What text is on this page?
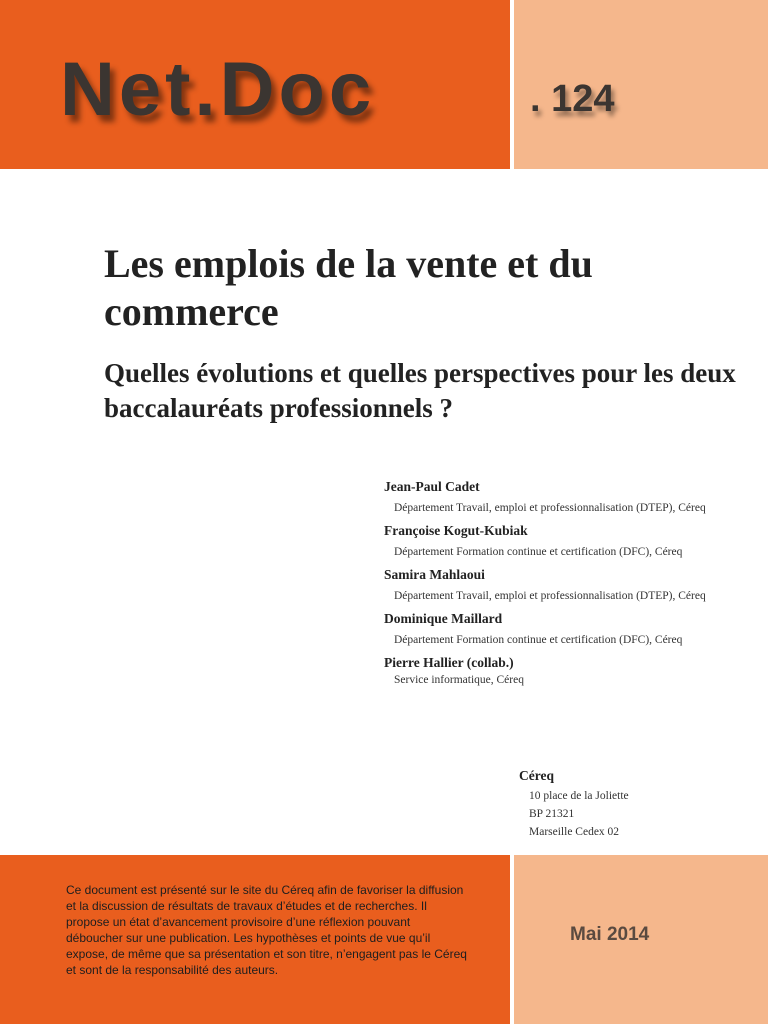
Net.Doc	. 124
Les emplois de la vente et du commerce
Quelles évolutions et quelles perspectives pour les deux baccalauréats professionnels ?
Jean-Paul Cadet
Département Travail, emploi et professionnalisation (DTEP), Céreq
Françoise Kogut-Kubiak
Département Formation continue et certification (DFC), Céreq
Samira Mahlaoui
Département Travail, emploi et professionnalisation (DTEP), Céreq
Dominique Maillard
Département Formation continue et certification (DFC), Céreq
Pierre Hallier (collab.)
Service informatique, Céreq
Céreq
10 place de la Joliette
BP 21321
Marseille Cedex 02

Ce document est présenté sur le site du Céreq afin de favoriser la diffusion et la discussion de résultats de travaux d’études et de recherches. Il propose un état d’avancement provisoire d’une réflexion pouvant déboucher sur une publication. Les hypothèses et points de vue qu’il expose, de même que sa présentation et son titre, n’engagent pas le Céreq et sont de la responsabilité des auteurs.

Mai 2014
